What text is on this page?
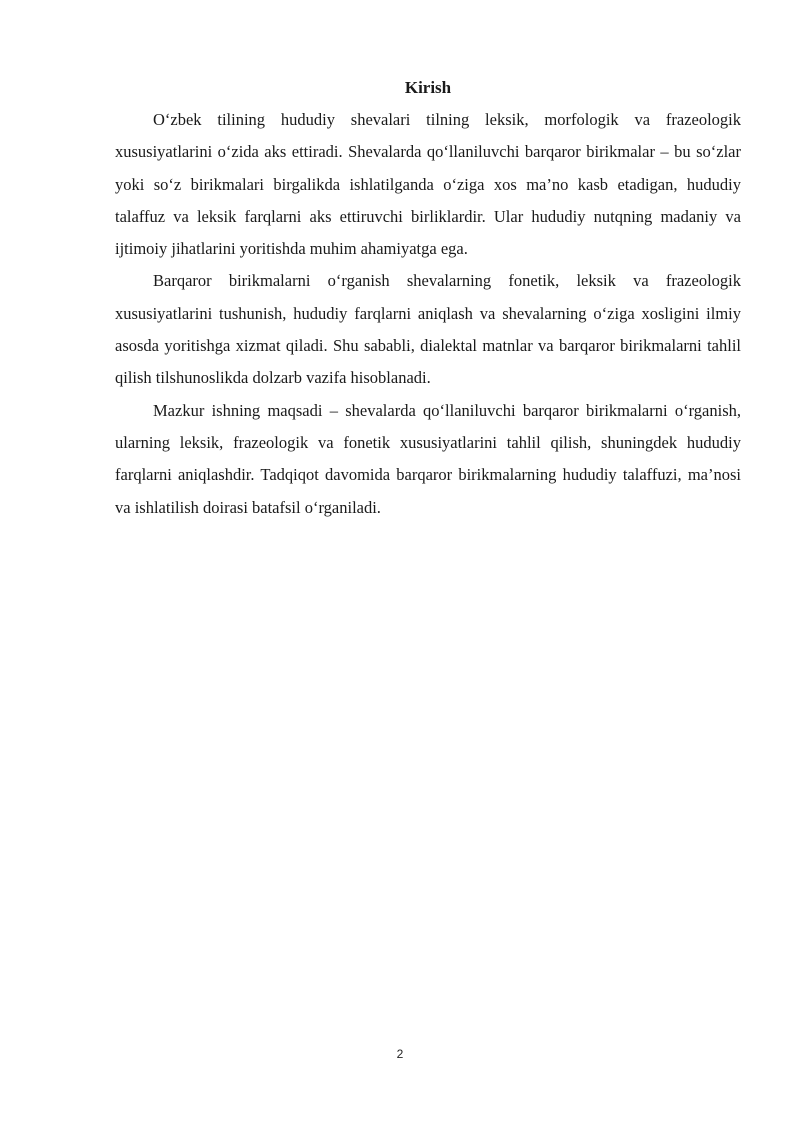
Kirish

O‘zbek tilining hududiy shevalari tilning leksik, morfologik va frazeologik xususiyatlarini o‘zida aks ettiradi. Shevalarda qo‘llaniluvchi barqaror birikmalar – bu so‘zlar yoki so‘z birikmalari birgalikda ishlatilganda o‘ziga xos ma’no kasb etadigan, hududiy talaffuz va leksik farqlarni aks ettiruvchi birliklardir. Ular hududiy nutqning madaniy va ijtimoiy jihatlarini yoritishda muhim ahamiyatga ega.

Barqaror birikmalarni o‘rganish shevalarning fonetik, leksik va frazeologik xususiyatlarini tushunish, hududiy farqlarni aniqlash va shevalarning o‘ziga xosligini ilmiy asosda yoritishga xizmat qiladi. Shu sababli, dialektal matnlar va barqaror birikmalarni tahlil qilish tilshunoslikda dolzarb vazifa hisoblanadi.

Mazkur ishning maqsadi – shevalarda qo‘llaniluvchi barqaror birikmalarni o‘rganish, ularning leksik, frazeologik va fonetik xususiyatlarini tahlil qilish, shuningdek hududiy farqlarni aniqlashdir. Tadqiqot davomida barqaror birikmalarning hududiy talaffuzi, ma’nosi va ishlatilish doirasi batafsil o‘rganiladi.

2
